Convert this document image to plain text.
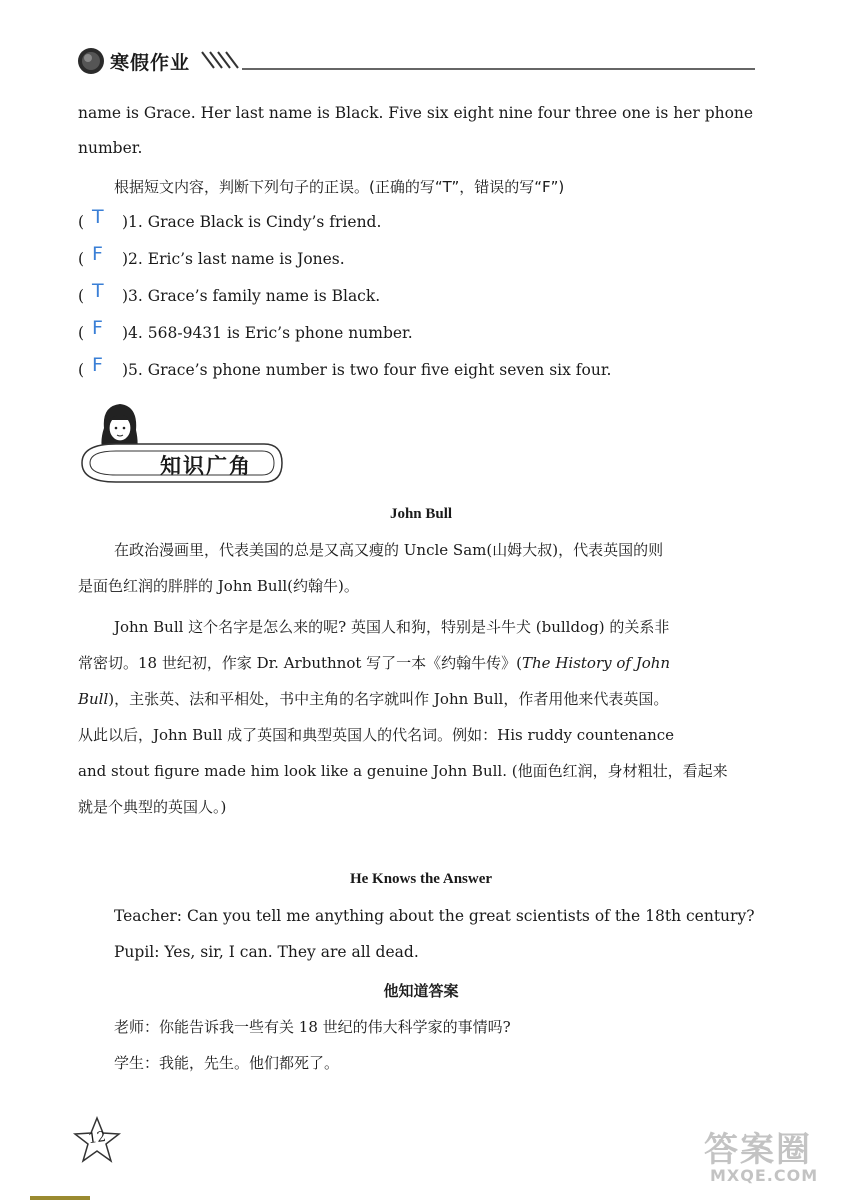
寒假作业
name is Grace. Her last name is Black. Five six eight nine four three one is her phone
number.
根据短文内容，判断下列句子的正误。(正确的写“T”，错误的写“F”)
( T )1. Grace Black is Cindy’s friend.
( F )2. Eric’s last name is Jones.
( T )3. Grace’s family name is Black.
( F )4. 568-9431 is Eric’s phone number.
( F )5. Grace’s phone number is two four five eight seven six four.
知识广角
John Bull
在政治漫画里，代表美国的总是又高又瘦的 Uncle Sam(山姆大叔)，代表英国的则
是面色红润的胖胖的 John Bull(约翰牛)。
John Bull 这个名字是怎么来的呢? 英国人和狗，特别是斗牛犬 (bulldog) 的关系非
常密切。18 世纪初，作家 Dr. Arbuthnot 写了一本《约翰牛传》(The History of John
Bull)，主张英、法和平相处，书中主角的名字就叫作 John Bull，作者用他来代表英国。
从此以后，John Bull 成了英国和典型英国人的代名词。例如：His ruddy countenance
and stout figure made him look like a genuine John Bull. (他面色红润，身材粗壮，看起来
就是个典型的英国人。)
He Knows the Answer
Teacher: Can you tell me anything about the great scientists of the 18th century?
Pupil: Yes, sir, I can. They are all dead.
他知道答案
老师：你能告诉我一些有关 18 世纪的伟大科学家的事情吗?
学生：我能，先生。他们都死了。
12	答案圈
MXQE.COM
